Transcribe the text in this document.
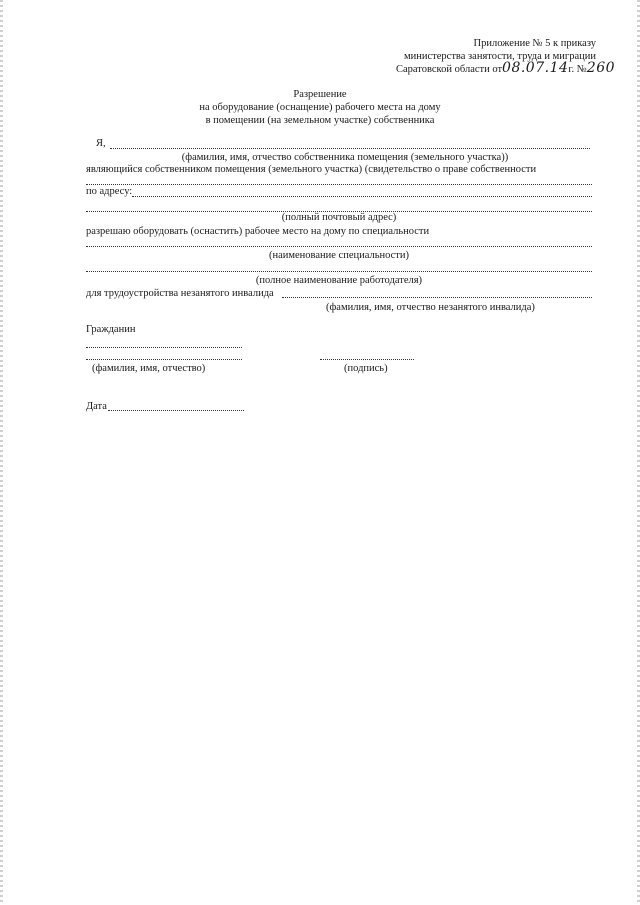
Приложение № 5 к приказу
министерства занятости, труда и миграции
Саратовской области от08.07.14г. №260
Разрешение
на оборудование (оснащение) рабочего места на дому
в помещении (на земельном участке) собственника
Я,
(фамилия, имя, отчество собственника помещения (земельного участка))
являющийся собственником помещения (земельного участка) (свидетельство о праве собственности
по адресу:
(полный почтовый адрес)
разрешаю оборудовать (оснастить) рабочее место на дому по специальности
(наименование специальности)
(полное наименование работодателя)
для трудоустройства незанятого инвалида
(фамилия, имя, отчество незанятого инвалида)
Гражданин
(фамилия, имя, отчество)	(подпись)
Дата
